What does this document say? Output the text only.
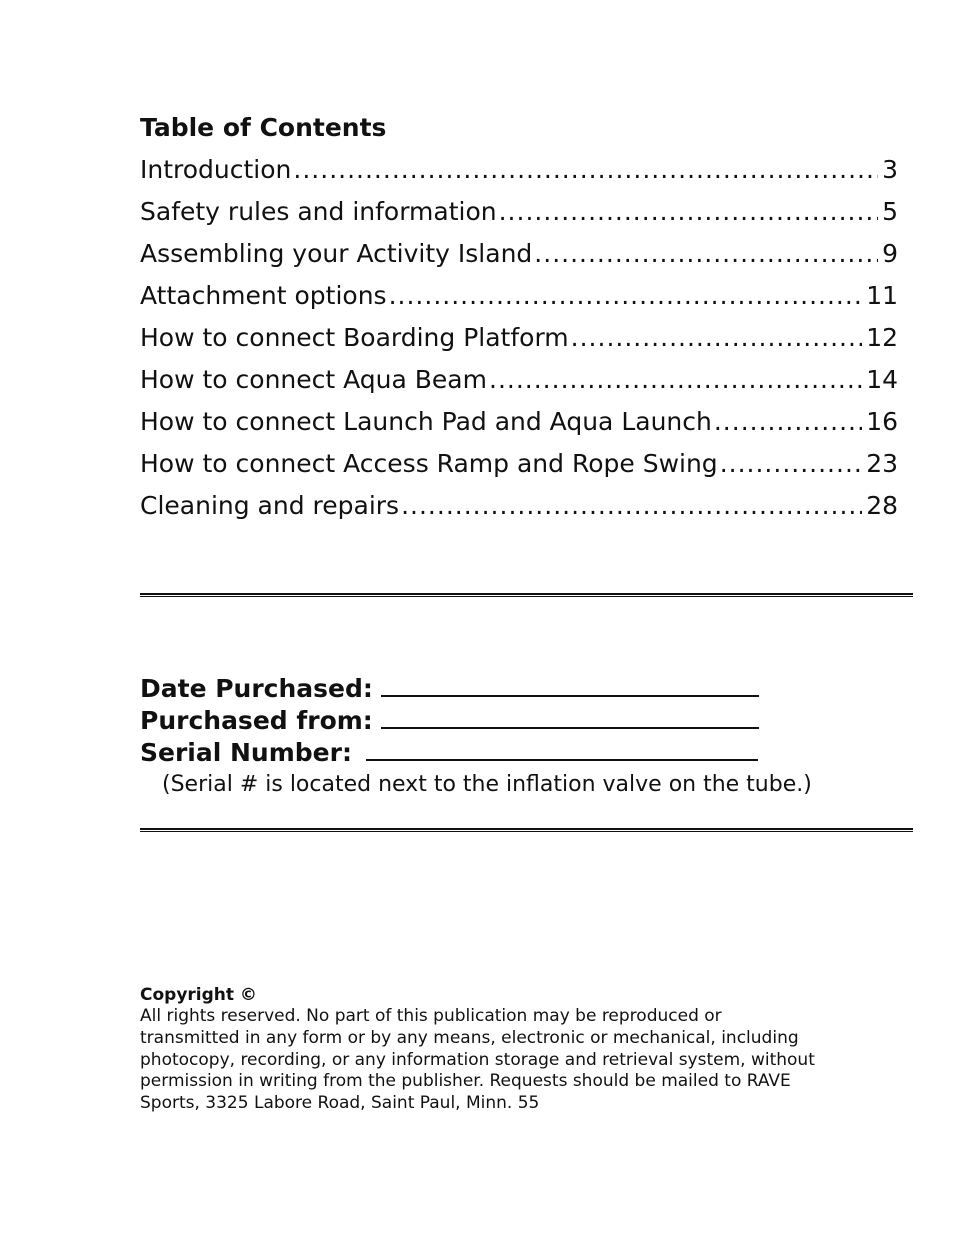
Table of Contents
Introduction .....	3
Safety rules and information .....	5
Assembling your Activity Island .....	9
Attachment options .....	11
How to connect Boarding Platform .....	12
How to connect Aqua Beam .....	14
How to connect Launch Pad and Aqua Launch .....	16
How to connect Access Ramp and Rope Swing .....	23
Cleaning and repairs .....	28
Date Purchased:
Purchased from:
Serial Number:
(Serial # is located next to the inflation valve on the tube.)
Copyright ©
All rights reserved. No part of this publication may be reproduced or
transmitted in any form or by any means, electronic or mechanical, including
photocopy, recording, or any information storage and retrieval system, without
permission in writing from the publisher. Requests should be mailed to RAVE
Sports, 3325 Labore Road, Saint Paul, Minn. 55
